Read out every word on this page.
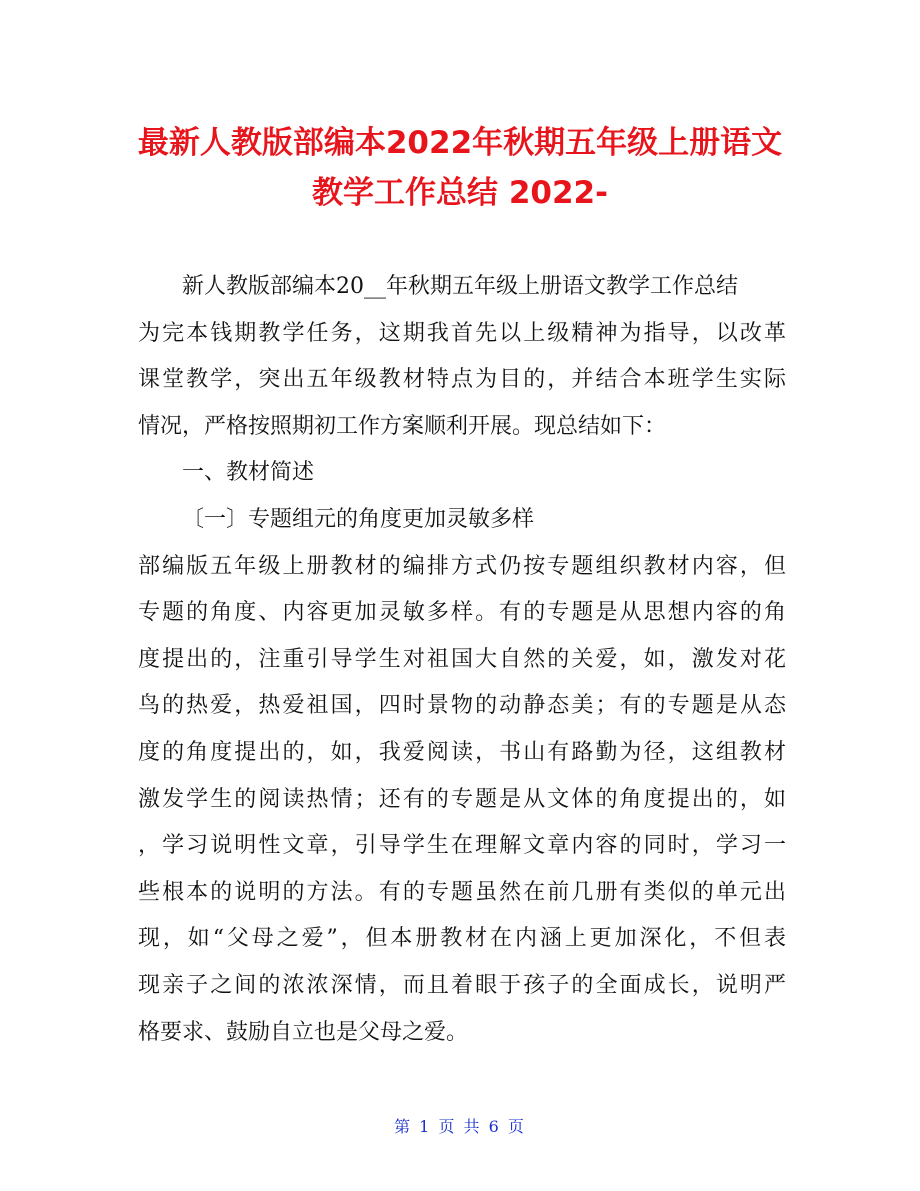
最新人教版部编本2022年秋期五年级上册语文
教学工作总结 2022-
新人教版部编本20__年秋期五年级上册语文教学工作总结
为完本钱期教学任务，这期我首先以上级精神为指导，以改革
课堂教学，突出五年级教材特点为目的，并结合本班学生实际
情况，严格按照期初工作方案顺利开展。现总结如下：
一、教材简述
〔一〕专题组元的角度更加灵敏多样
部编版五年级上册教材的编排方式仍按专题组织教材内容，但
专题的角度、内容更加灵敏多样。有的专题是从思想内容的角
度提出的，注重引导学生对祖国大自然的关爱，如，激发对花
鸟的热爱，热爱祖国，四时景物的动静态美；有的专题是从态
度的角度提出的，如，我爱阅读，书山有路勤为径，这组教材
激发学生的阅读热情；还有的专题是从文体的角度提出的，如
，学习说明性文章，引导学生在理解文章内容的同时，学习一
些根本的说明的方法。有的专题虽然在前几册有类似的单元出
现，如“父母之爱”，但本册教材在内涵上更加深化，不但表
现亲子之间的浓浓深情，而且着眼于孩子的全面成长，说明严
格要求、鼓励自立也是父母之爱。
第 1 页 共 6 页
